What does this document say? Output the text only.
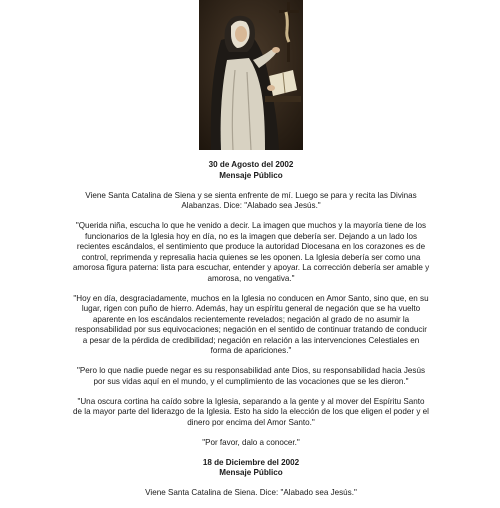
30 de Agosto del 2002
Mensaje Público

Viene Santa Catalina de Siena y se sienta enfrente de mí. Luego se para y recita las Divinas Alabanzas. Dice: "Alabado sea Jesús."

"Querida niña, escucha lo que he venido a decir. La imagen que muchos y la mayoría tiene de los funcionarios de la Iglesia hoy en día, no es la imagen que debería ser. Dejando a un lado los recientes escándalos, el sentimiento que produce la autoridad Diocesana en los corazones es de control, reprimenda y represalia hacia quienes se les oponen. La Iglesia debería ser como una amorosa figura paterna: lista para escuchar, entender y apoyar. La corrección debería ser amable y amorosa, no vengativa."

"Hoy en día, desgraciadamente, muchos en la Iglesia no conducen en Amor Santo, sino que, en su lugar, rigen con puño de hierro. Además, hay un espíritu general de negación que se ha vuelto aparente en los escándalos recientemente revelados; negación al grado de no asumir la responsabilidad por sus equivocaciones; negación en el sentido de continuar tratando de conducir a pesar de la pérdida de credibilidad; negación en relación a las intervenciones Celestiales en forma de apariciones."

"Pero lo que nadie puede negar es su responsabilidad ante Dios, su responsabilidad hacia Jesús por sus vidas aquí en el mundo, y el cumplimiento de las vocaciones que se les dieron."

"Una oscura cortina ha caído sobre la Iglesia, separando a la gente y al mover del Espíritu Santo de la mayor parte del liderazgo de la Iglesia. Esto ha sido la elección de los que eligen el poder y el dinero por encima del Amor Santo."

"Por favor, dalo a conocer."

18 de Diciembre del 2002
Mensaje Público

Viene Santa Catalina de Siena. Dice: "Alabado sea Jesús."
